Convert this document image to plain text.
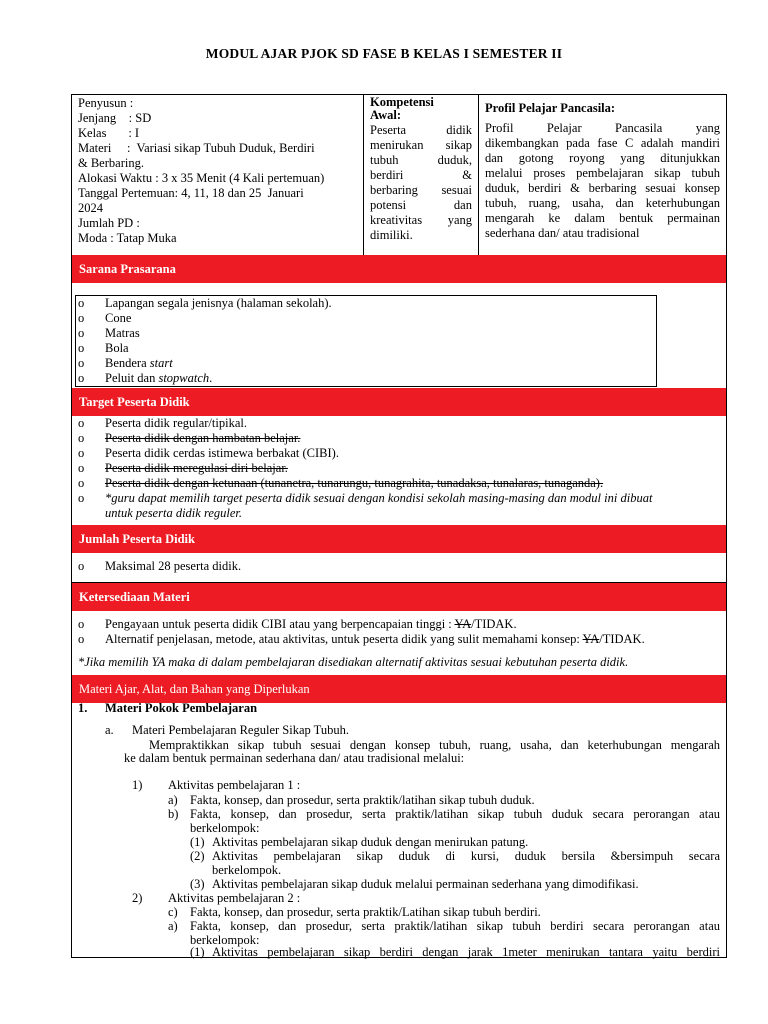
MODUL AJAR PJOK SD FASE B KELAS I SEMESTER II
Penyusun :
Jenjang    : SD
Kelas       : I
Materi     :  Variasi sikap Tubuh Duduk, Berdiri
& Berbaring.
Alokasi Waktu : 3 x 35 Menit (4 Kali pertemuan)
Tanggal Pertemuan: 4, 11, 18 dan 25  Januari
2024
Jumlah PD :
Moda : Tatap Muka
Kompetensi
Awal:
Peserta didik
menirukan sikap
tubuh duduk,
berdiri &
berbaring sesuai
potensi dan
kreativitas yang
dimiliki.
Profil Pelajar Pancasila:
Profil Pelajar Pancasila yang
dikembangkan pada fase C adalah mandiri
dan gotong royong yang ditunjukkan
melalui proses pembelajaran sikap tubuh
duduk, berdiri & berbaring sesuai konsep
tubuh, ruang, usaha, dan keterhubungan
mengarah ke dalam bentuk permainan
sederhana dan/ atau tradisional
Sarana Prasarana
o Lapangan segala jenisnya (halaman sekolah).
o Cone
o Matras
o Bola
o Bendera start
o Peluit dan stopwatch.
Target Peserta Didik
o Peserta didik regular/tipikal.
o Peserta didik dengan hambatan belajar.
o Peserta didik cerdas istimewa berbakat (CIBI).
o Peserta didik meregulasi diri belajar.
o Peserta didik dengan ketunaan (tunanetra, tunarungu, tunagrahita, tunadaksa, tunalaras, tunaganda).
o *guru dapat memilih target peserta didik sesuai dengan kondisi sekolah masing-masing dan modul ini dibuat
untuk peserta didik reguler.
Jumlah Peserta Didik
o Maksimal 28 peserta didik.
Ketersediaan Materi
o Pengayaan untuk peserta didik CIBI atau yang berpencapaian tinggi : YA/TIDAK.
o Alternatif penjelasan, metode, atau aktivitas, untuk peserta didik yang sulit memahami konsep: YA/TIDAK.
*Jika memilih YA maka di dalam pembelajaran disediakan alternatif aktivitas sesuai kebutuhan peserta didik.
Materi Ajar, Alat, dan Bahan yang Diperlukan
1. Materi Pokok Pembelajaran
a. Materi Pembelajaran Reguler Sikap Tubuh.
Mempraktikkan sikap tubuh sesuai dengan konsep tubuh, ruang, usaha, dan keterhubungan mengarah
ke dalam bentuk permainan sederhana dan/ atau tradisional melalui:
1) Aktivitas pembelajaran 1 :
a) Fakta, konsep, dan prosedur, serta praktik/latihan sikap tubuh duduk.
b) Fakta, konsep, dan prosedur, serta praktik/latihan sikap tubuh duduk secara perorangan atau
berkelompok:
(1) Aktivitas pembelajaran sikap duduk dengan menirukan patung.
(2) Aktivitas pembelajaran sikap duduk di kursi, duduk bersila &bersimpuh secara
berkelompok.
(3) Aktivitas pembelajaran sikap duduk melalui permainan sederhana yang dimodifikasi.
2) Aktivitas pembelajaran 2 :
c) Fakta, konsep, dan prosedur, serta praktik/Latihan sikap tubuh berdiri.
a) Fakta, konsep, dan prosedur, serta praktik/latihan sikap tubuh berdiri secara perorangan atau
berkelompok:
(1) Aktivitas pembelajaran sikap berdiri dengan jarak 1meter menirukan tantara yaitu berdiri
